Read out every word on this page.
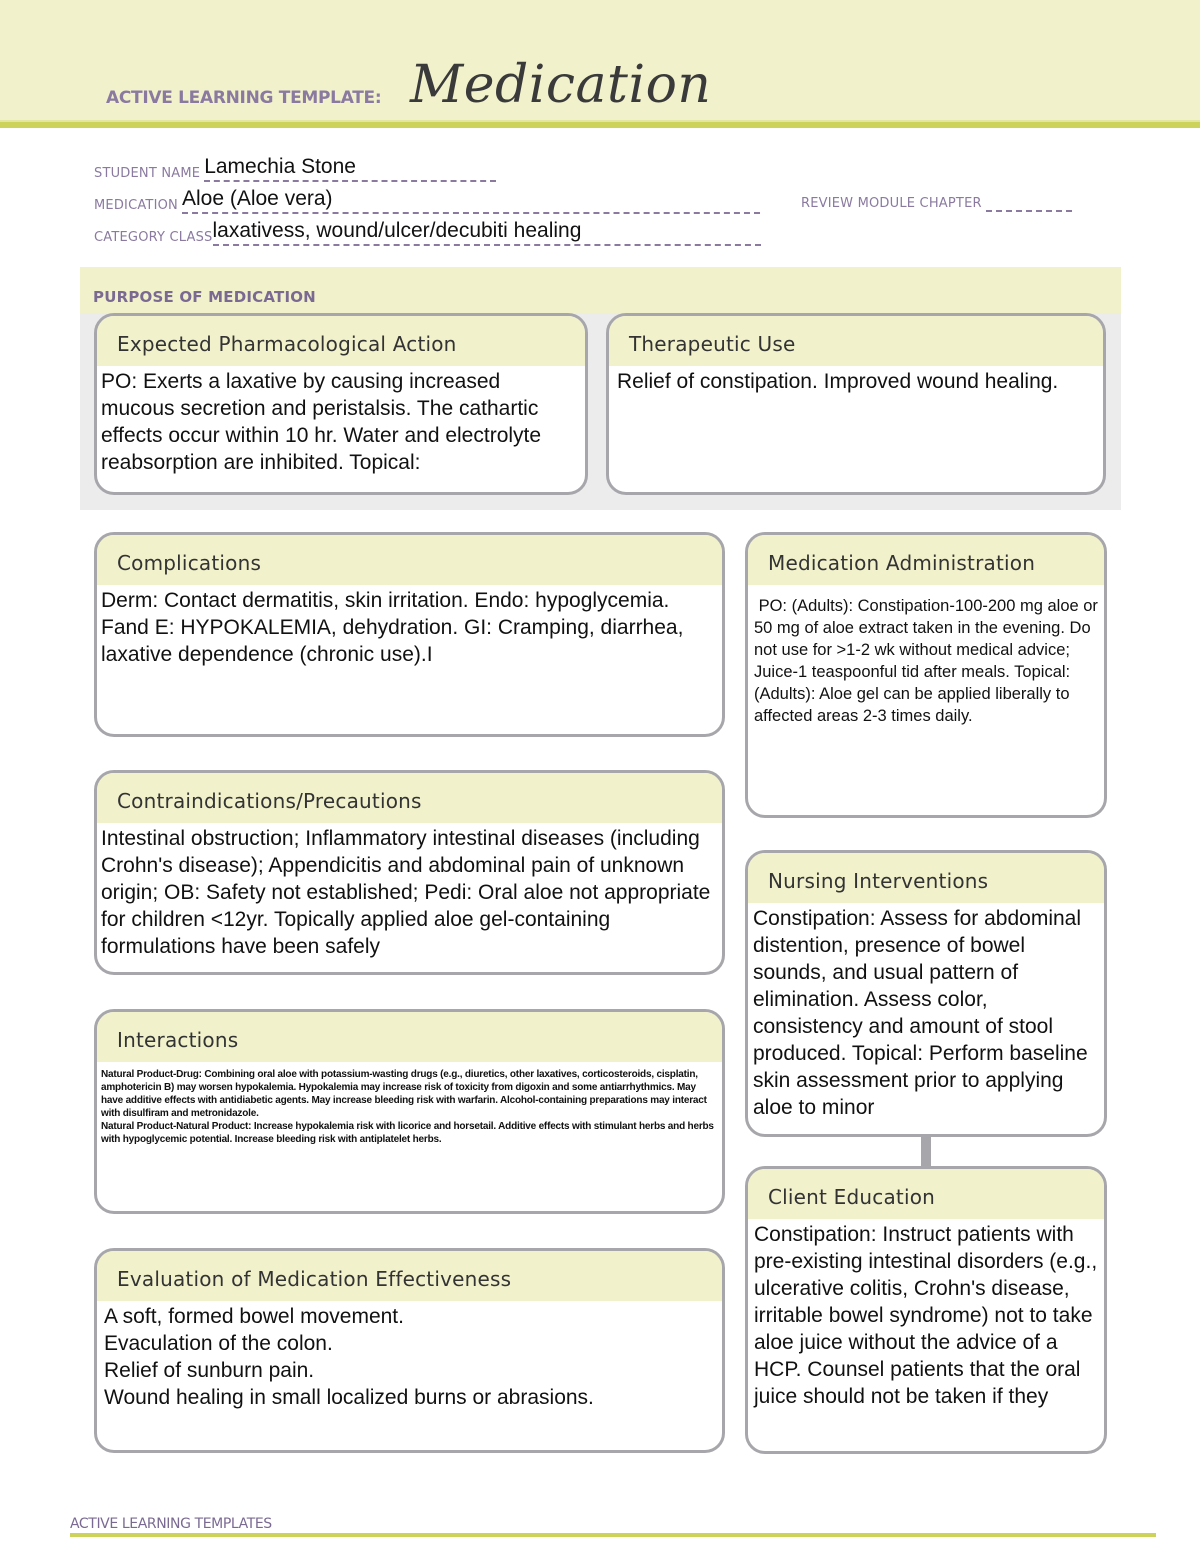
ACTIVE LEARNING TEMPLATE: Medication
STUDENT NAME Lamechia Stone
MEDICATION Aloe (Aloe vera)	REVIEW MODULE CHAPTER
CATEGORY CLASS laxativess, wound/ulcer/decubiti healing
PURPOSE OF MEDICATION
Expected Pharmacological Action
PO: Exerts a laxative by causing increased mucous secretion and peristalsis. The cathartic effects occur within 10 hr. Water and electrolyte reabsorption are inhibited. Topical:
Therapeutic Use
Relief of constipation. Improved wound healing.
Complications
Derm: Contact dermatitis, skin irritation. Endo: hypoglycemia. Fand E: HYPOKALEMIA, dehydration. GI: Cramping, diarrhea, laxative dependence (chronic use).I
Contraindications/Precautions
Intestinal obstruction; Inflammatory intestinal diseases (including Crohn's disease); Appendicitis and abdominal pain of unknown origin; OB: Safety not established; Pedi: Oral aloe not appropriate for children <12yr. Topically applied aloe gel-containing formulations have been safely
Interactions

Natural Product-Drug: Combining oral aloe with potassium-wasting drugs (e.g., diuretics, other laxatives, corticosteroids, cisplatin, amphotericin B) may worsen hypokalemia. Hypokalemia may increase risk of toxicity from digoxin and some antiarrhythmics. May have additive effects with antidiabetic agents. May increase bleeding risk with warfarin. Alcohol-containing preparations may interact with disulfiram and metronidazole.

Natural Product-Natural Product: Increase hypokalemia risk with licorice and horsetail. Additive effects with stimulant herbs and herbs with hypoglycemic potential. Increase bleeding risk with antiplatelet herbs.

Evaluation of Medication Effectiveness

A soft, formed bowel movement.

Evaculation of the colon.

Relief of sunburn pain.

Wound healing in small localized burns or abrasions.

Medication Administration
PO: (Adults): Constipation-100-200 mg aloe or 50 mg of aloe extract taken in the evening. Do not use for >1-2 wk without medical advice; Juice-1 teaspoonful tid after meals. Topical: (Adults): Aloe gel can be applied liberally to affected areas 2-3 times daily.
Nursing Interventions
Constipation: Assess for abdominal distention, presence of bowel sounds, and usual pattern of elimination. Assess color, consistency and amount of stool produced. Topical: Perform baseline skin assessment prior to applying aloe to minor
Client Education
Constipation: Instruct patients with pre-existing intestinal disorders (e.g., ulcerative colitis, Crohn's disease, irritable bowel syndrome) not to take aloe juice without the advice of a HCP. Counsel patients that the oral juice should not be taken if they
ACTIVE LEARNING TEMPLATES
